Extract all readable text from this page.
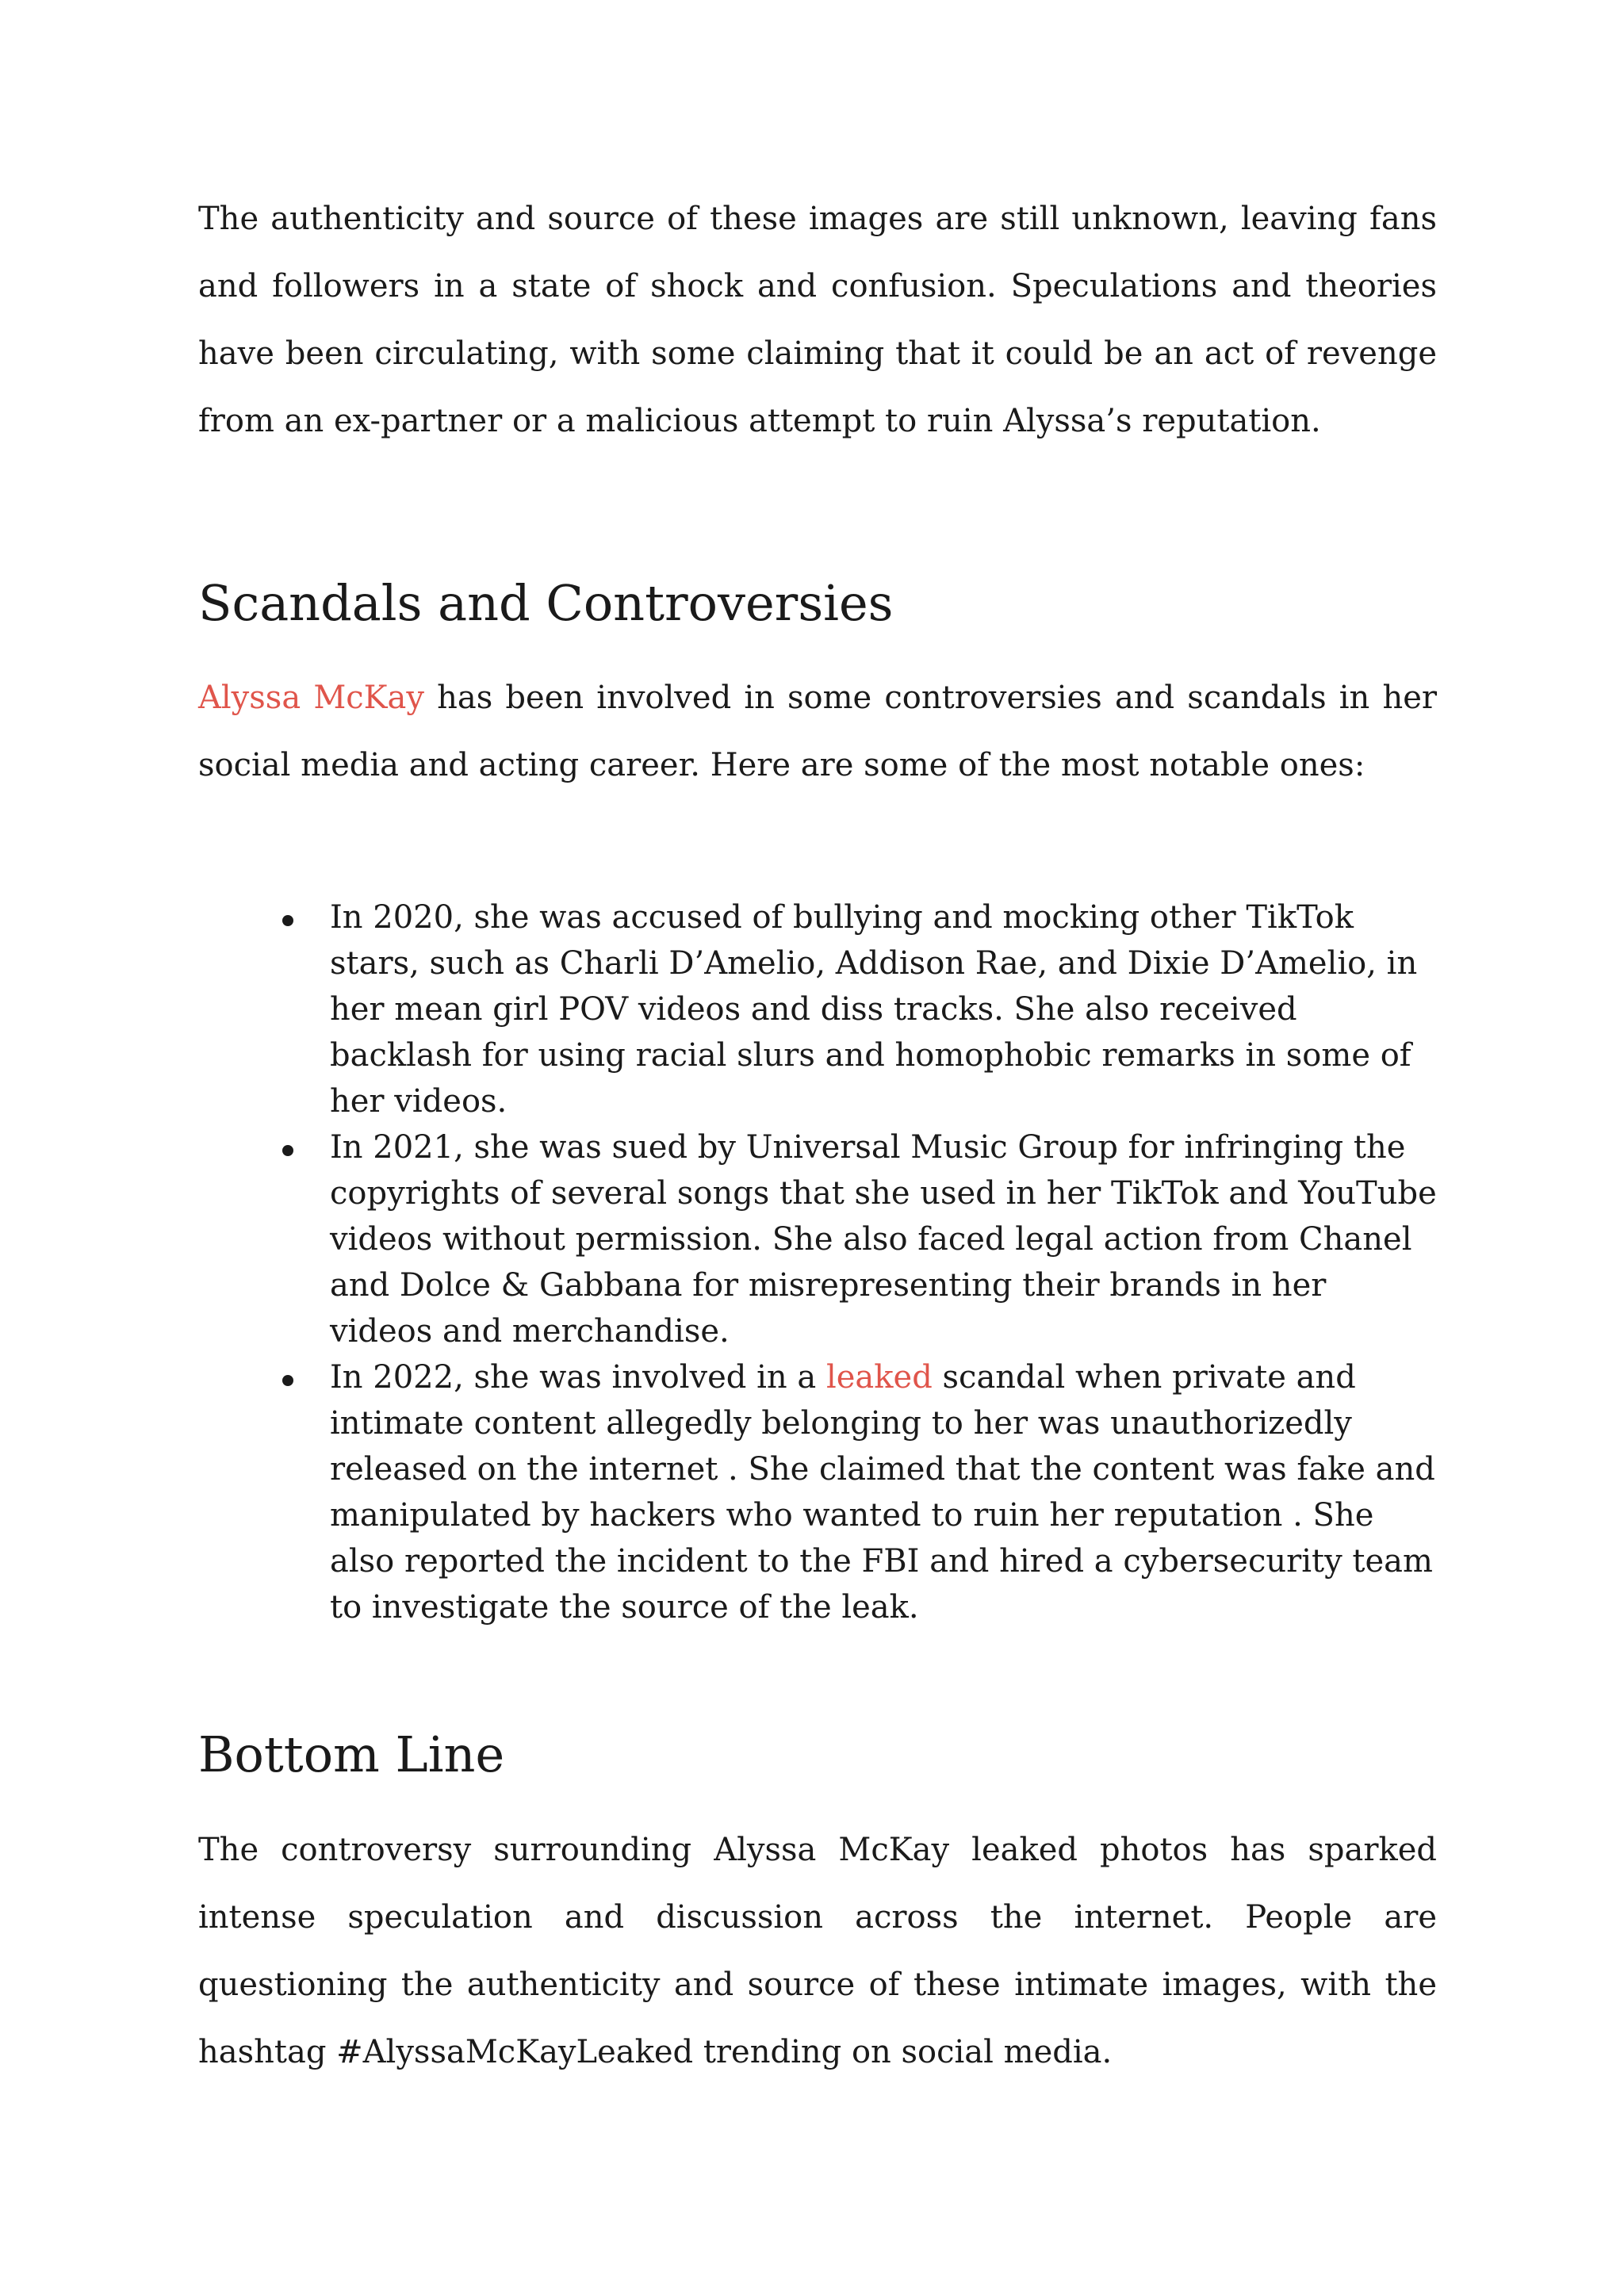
The authenticity and source of these images are still unknown, leaving fans and followers in a state of shock and confusion. Speculations and theories have been circulating, with some claiming that it could be an act of revenge from an ex-partner or a malicious attempt to ruin Alyssa’s reputation.

Scandals and Controversies

Alyssa McKay has been involved in some controversies and scandals in her social media and acting career. Here are some of the most notable ones:

In 2020, she was accused of bullying and mocking other TikTok stars, such as Charli D’Amelio, Addison Rae, and Dixie D’Amelio, in her mean girl POV videos and diss tracks. She also received backlash for using racial slurs and homophobic remarks in some of her videos.
In 2021, she was sued by Universal Music Group for infringing the copyrights of several songs that she used in her TikTok and YouTube videos without permission. She also faced legal action from Chanel and Dolce & Gabbana for misrepresenting their brands in her videos and merchandise.
In 2022, she was involved in a leaked scandal when private and intimate content allegedly belonging to her was unauthorizedly released on the internet . She claimed that the content was fake and manipulated by hackers who wanted to ruin her reputation . She also reported the incident to the FBI and hired a cybersecurity team to investigate the source of the leak.
Bottom Line

The controversy surrounding Alyssa McKay leaked photos has sparked intense speculation and discussion across the internet. People are questioning the authenticity and source of these intimate images, with the hashtag #AlyssaMcKayLeaked trending on social media.
